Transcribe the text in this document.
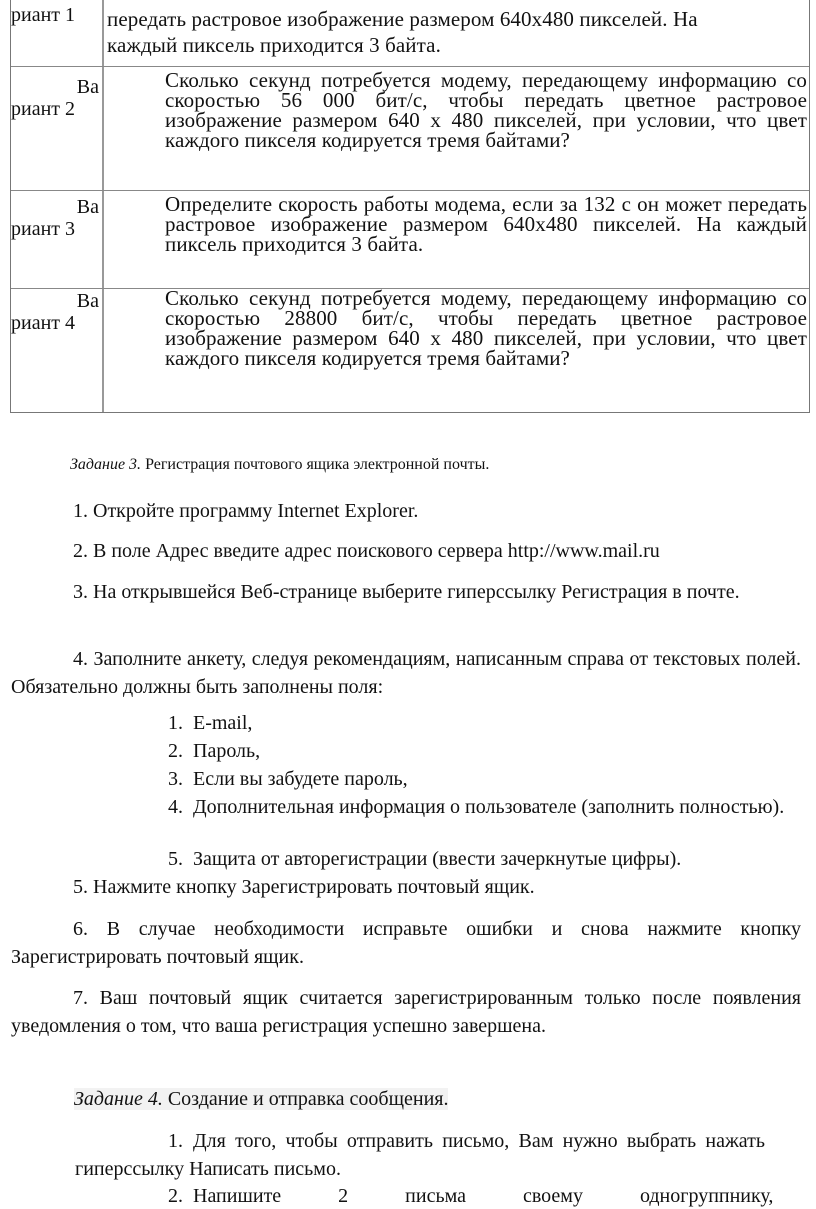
риант 1	передать растровое изображение размером 640x480 пикселей. На
каждый пиксель приходится 3 байта.
Ва
риант 2
Сколько секунд потребуется модему, передающему информацию со скоростью 56 000 бит/с, чтобы передать цветное растровое изображение размером 640 х 480 пикселей, при условии, что цвет каждого пикселя кодируется тремя байтами?
Ва
риант 3
Определите скорость работы модема, если за 132 с он может передать растровое изображение размером 640x480 пикселей. На каждый пиксель приходится 3 байта.
Ва
риант 4
Сколько секунд потребуется модему, передающему информацию со скоростью 28800 бит/с, чтобы передать цветное растровое изображение размером 640 х 480 пикселей, при условии, что цвет каждого пикселя кодируется тремя байтами?
Задание 3. Регистрация почтового ящика электронной почты.
1. Откройте программу Internet Explorer.
2. В поле Адрес введите адрес поискового сервера http://www.mail.ru
3. На открывшейся Веб-странице выберите гиперссылку Регистрация в почте.
4. Заполните анкету, следуя рекомендациям, написанным справа от текстовых полей. Обязательно должны быть заполнены поля:
1. E-mail,
2. Пароль,
3. Если вы забудете пароль,
4. Дополнительная информация о пользователе (заполнить полностью).
5. Защита от авторегистрации (ввести зачеркнутые цифры).
5. Нажмите кнопку Зарегистрировать почтовый ящик.
6. В случае необходимости исправьте ошибки и снова нажмите кнопку Зарегистрировать почтовый ящик.
7. Ваш почтовый ящик считается зарегистрированным только после появления уведомления о том, что ваша регистрация успешно завершена.
Задание 4. Создание и отправка сообщения.
1. Для того, чтобы отправить письмо, Вам нужно выбрать нажать гиперссылку Написать письмо.
2. Напишите 2 письма своему одногруппнику,
